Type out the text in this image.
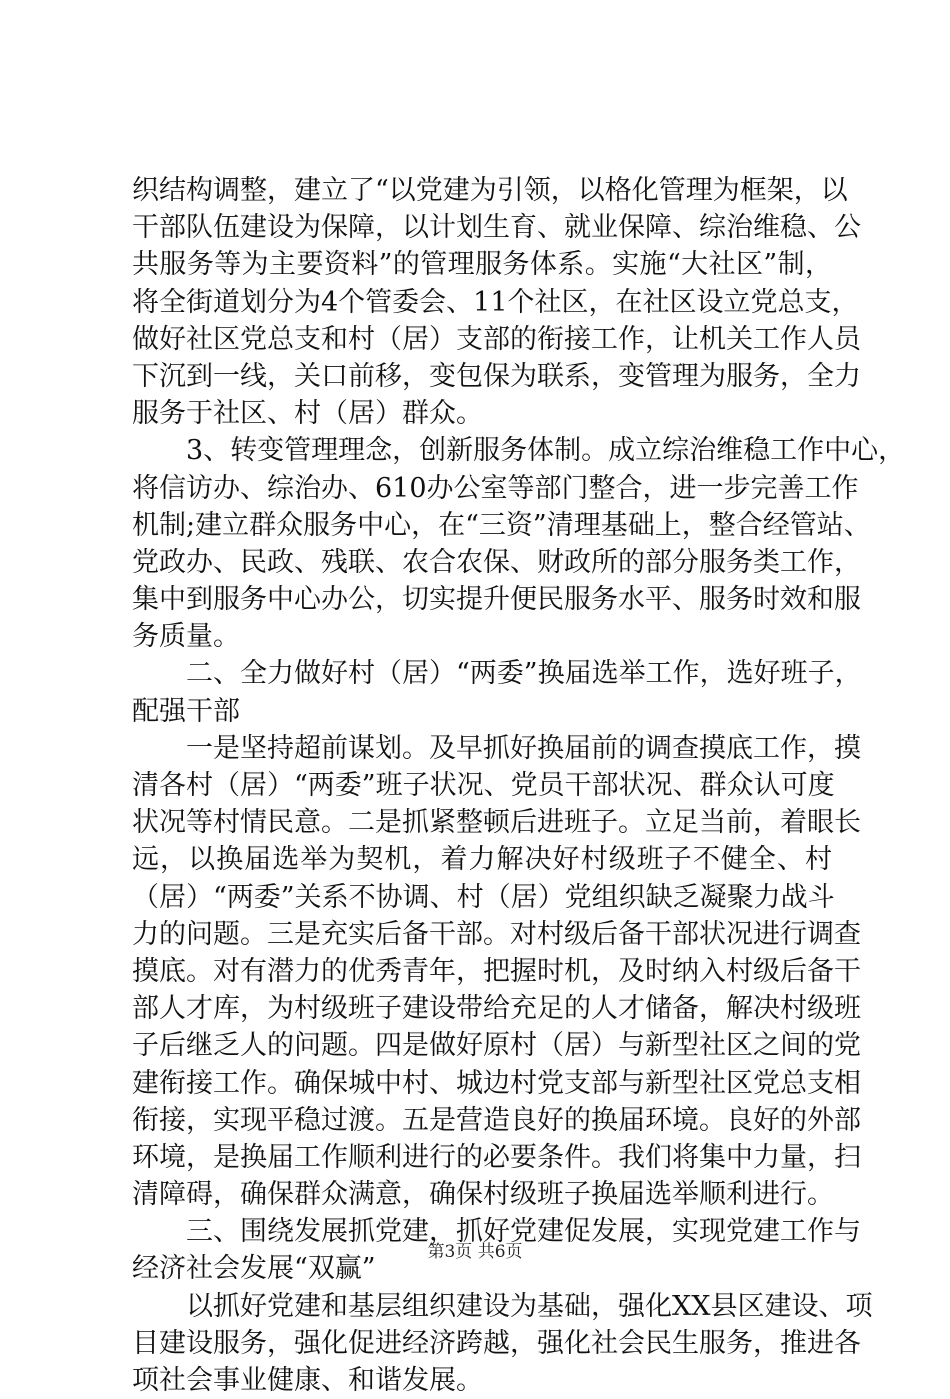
织结构调整，建立了“以党建为引领，以格化管理为框架，以
干部队伍建设为保障，以计划生育、就业保障、综治维稳、公
共服务等为主要资料”的管理服务体系。实施“大社区”制，
将全街道划分为4个管委会、11个社区，在社区设立党总支，
做好社区党总支和村（居）支部的衔接工作，让机关工作人员
下沉到一线，关口前移，变包保为联系，变管理为服务，全力
服务于社区、村（居）群众。
3、转变管理理念，创新服务体制。成立综治维稳工作中心，
将信访办、综治办、610办公室等部门整合，进一步完善工作
机制;建立群众服务中心，在“三资”清理基础上，整合经管站、
党政办、民政、残联、农合农保、财政所的部分服务类工作，
集中到服务中心办公，切实提升便民服务水平、服务时效和服
务质量。
二、全力做好村（居）“两委”换届选举工作，选好班子，
配强干部
一是坚持超前谋划。及早抓好换届前的调查摸底工作，摸
清各村（居）“两委”班子状况、党员干部状况、群众认可度
状况等村情民意。二是抓紧整顿后进班子。立足当前，着眼长
远，以换届选举为契机，着力解决好村级班子不健全、村
（居）“两委”关系不协调、村（居）党组织缺乏凝聚力战斗
力的问题。三是充实后备干部。对村级后备干部状况进行调查
摸底。对有潜力的优秀青年，把握时机，及时纳入村级后备干
部人才库，为村级班子建设带给充足的人才储备，解决村级班
子后继乏人的问题。四是做好原村（居）与新型社区之间的党
建衔接工作。确保城中村、城边村党支部与新型社区党总支相
衔接，实现平稳过渡。五是营造良好的换届环境。良好的外部
环境，是换届工作顺利进行的必要条件。我们将集中力量，扫
清障碍，确保群众满意，确保村级班子换届选举顺利进行。
三、围绕发展抓党建，抓好党建促发展，实现党建工作与
经济社会发展“双赢”
以抓好党建和基层组织建设为基础，强化XX县区建设、项
目建设服务，强化促进经济跨越，强化社会民生服务，推进各
项社会事业健康、和谐发展。
第3页 共6页
